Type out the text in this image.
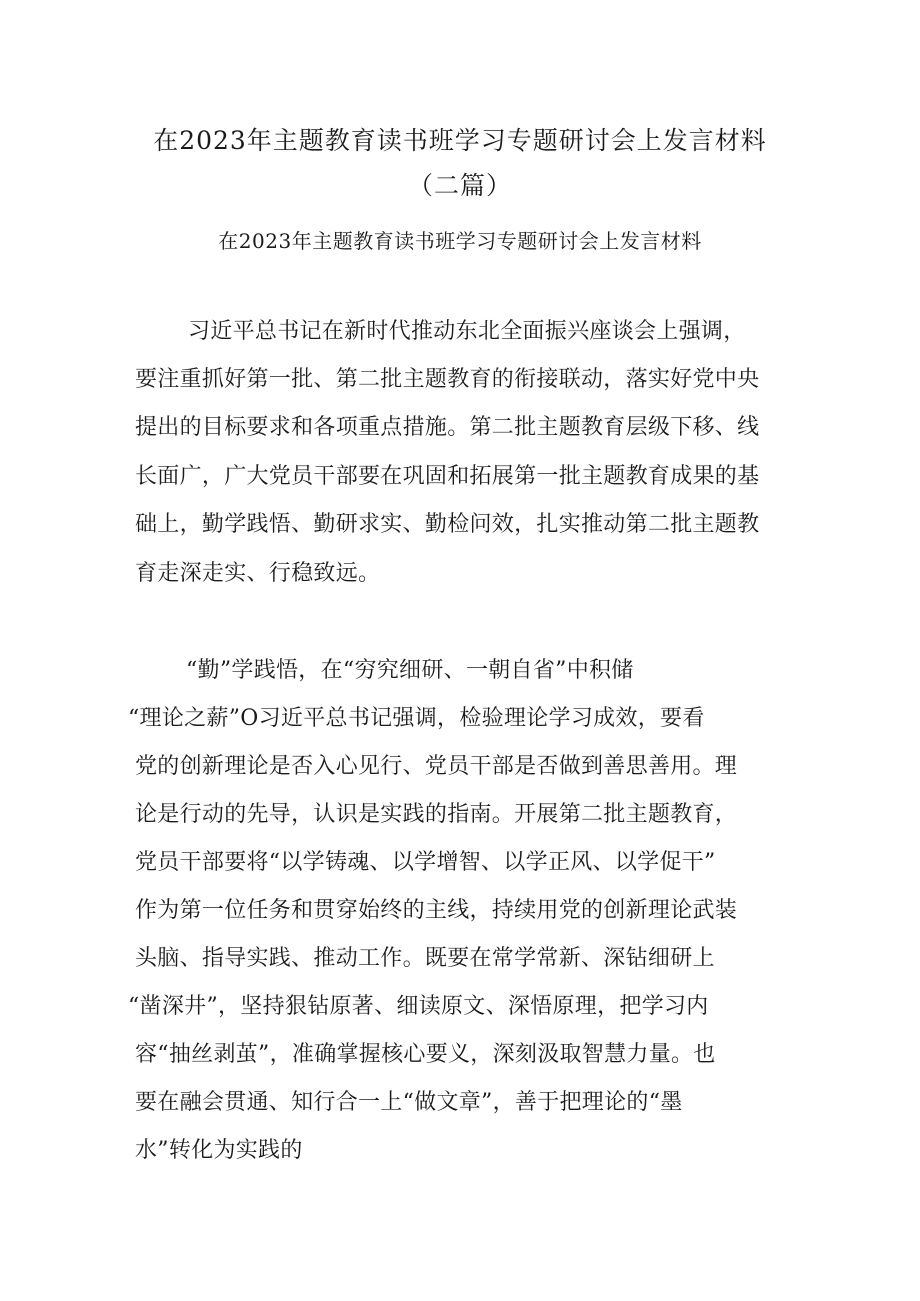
在2023年主题教育读书班学习专题研讨会上发言材料（二篇）
在2023年主题教育读书班学习专题研讨会上发言材料
习近平总书记在新时代推动东北全面振兴座谈会上强调，
要注重抓好第一批、第二批主题教育的衔接联动，落实好党中央
提出的目标要求和各项重点措施。第二批主题教育层级下移、线
长面广，广大党员干部要在巩固和拓展第一批主题教育成果的基
础上，勤学践悟、勤研求实、勤检问效，扎实推动第二批主题教
育走深走实、行稳致远。
“勤”学践悟，在“穷究细研、一朝自省”中积储
“理论之薪”O习近平总书记强调，检验理论学习成效，要看
党的创新理论是否入心见行、党员干部是否做到善思善用。理
论是行动的先导，认识是实践的指南。开展第二批主题教育，
党员干部要将“以学铸魂、以学增智、以学正风、以学促干”
作为第一位任务和贯穿始终的主线，持续用党的创新理论武装
头脑、指导实践、推动工作。既要在常学常新、深钻细研上
“凿深井”，坚持狠钻原著、细读原文、深悟原理，把学习内
容“抽丝剥茧”，准确掌握核心要义，深刻汲取智慧力量。也
要在融会贯通、知行合一上“做文章”，善于把理论的“墨
水”转化为实践的
